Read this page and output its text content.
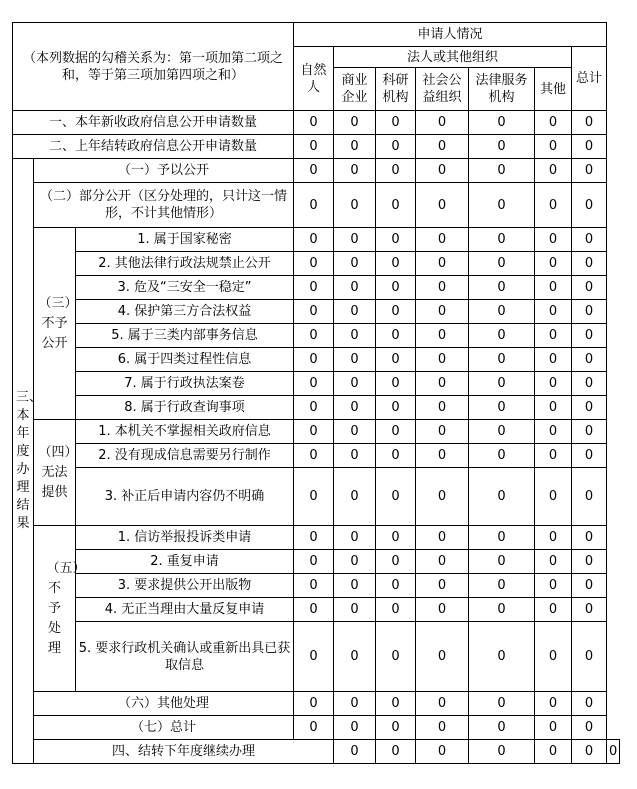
（本列数据的勾稽关系为：第一项加第二项之和，等于第三项加第四项之和）			申请人情况							
			自然人	法人或其他组织					总计	
				商业企业	科研机构	社会公益组织	法律服务机构	其他		
一、本年新收政府信息公开申请数量			0	0	0	0	0	0	0	
二、上年结转政府信息公开申请数量			0	0	0	0	0	0	0	

三、本年度办理结果	（一）予以公开		0	0	0	0	0	0	0	
	（二）部分公开（区分处理的，只计这一情形，不计其他情形）		0	0	0	0	0	0	0	

	（三）不予公开	1. 属于国家秘密	0	0	0	0	0	0	0	
		2. 其他法律行政法规禁止公开	0	0	0	0	0	0	0	
		3. 危及“三安全一稳定”	0	0	0	0	0	0	0	
		4. 保护第三方合法权益	0	0	0	0	0	0	0	
		5. 属于三类内部事务信息	0	0	0	0	0	0	0	
		6. 属于四类过程性信息	0	0	0	0	0	0	0	
		7. 属于行政执法案卷	0	0	0	0	0	0	0	
		8. 属于行政查询事项	0	0	0	0	0	0	0	

	（四）无法提供	1. 本机关不掌握相关政府信息	0	0	0	0	0	0	0	
		2. 没有现成信息需要另行制作	0	0	0	0	0	0	0	
		3. 补正后申请内容仍不明确	0	0	0	0	0	0	0	

	（五）不予处理	1. 信访举报投诉类申请	0	0	0	0	0	0	0	
		2. 重复申请	0	0	0	0	0	0	0	
		3. 要求提供公开出版物	0	0	0	0	0	0	0	
		4. 无正当理由大量反复申请	0	0	0	0	0	0	0	
		5. 要求行政机关确认或重新出具已获取信息	0	0	0	0	0	0	0	
	（六）其他处理		0	0	0	0	0	0	0	
	（七）总计		0	0	0	0	0	0	0	
	四、结转下年度继续办理			0	0	0	0	0	0	0
